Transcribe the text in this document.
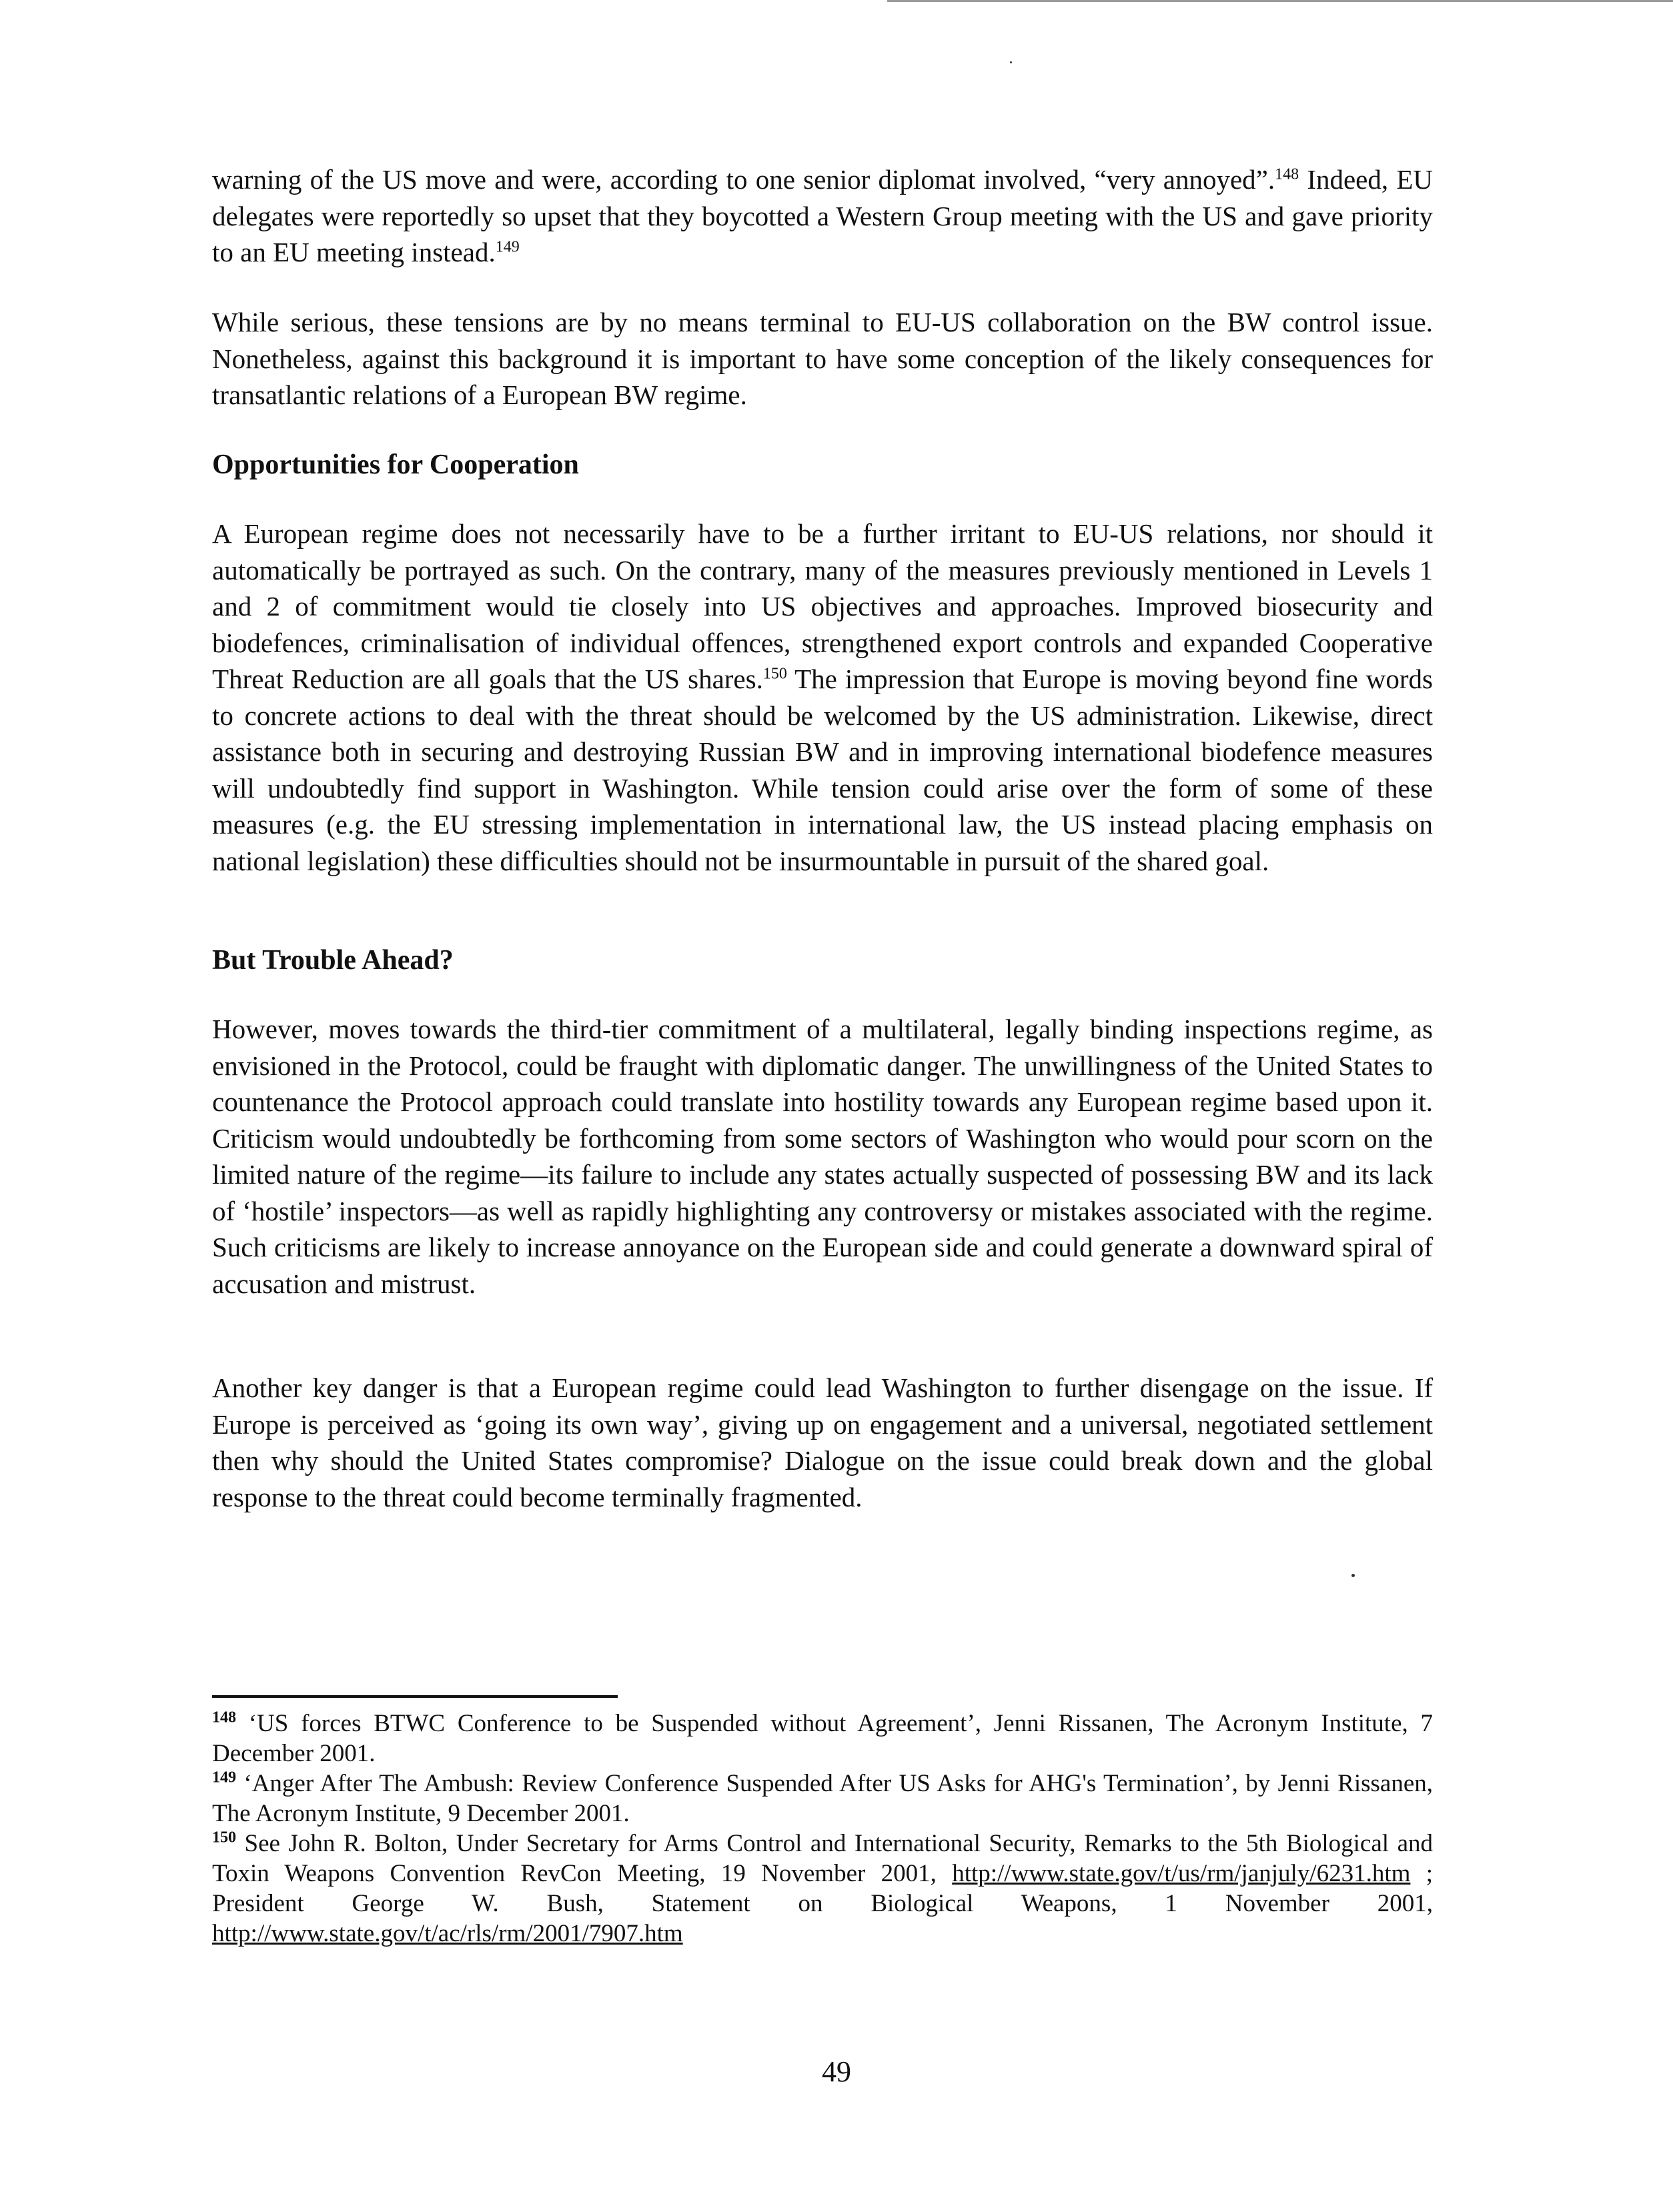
warning of the US move and were, according to one senior diplomat involved, “very annoyed”.$^{148}$ Indeed, EU delegates were reportedly so upset that they boycotted a Western Group meeting with the US and gave priority to an EU meeting instead.$^{149}$

While serious, these tensions are by no means terminal to EU-US collaboration on the BW control issue. Nonetheless, against this background it is important to have some conception of the likely consequences for transatlantic relations of a European BW regime.

Opportunities for Cooperation

A European regime does not necessarily have to be a further irritant to EU-US relations, nor should it automatically be portrayed as such. On the contrary, many of the measures previously mentioned in Levels 1 and 2 of commitment would tie closely into US objectives and approaches. Improved biosecurity and biodefences, criminalisation of individual offences, strengthened export controls and expanded Cooperative Threat Reduction are all goals that the US shares.$^{150}$ The impression that Europe is moving beyond fine words to concrete actions to deal with the threat should be welcomed by the US administration. Likewise, direct assistance both in securing and destroying Russian BW and in improving international biodefence measures will undoubtedly find support in Washington. While tension could arise over the form of some of these measures (e.g. the EU stressing implementation in international law, the US instead placing emphasis on national legislation) these difficulties should not be insurmountable in pursuit of the shared goal.

But Trouble Ahead?

However, moves towards the third-tier commitment of a multilateral, legally binding inspections regime, as envisioned in the Protocol, could be fraught with diplomatic danger. The unwillingness of the United States to countenance the Protocol approach could translate into hostility towards any European regime based upon it. Criticism would undoubtedly be forthcoming from some sectors of Washington who would pour scorn on the limited nature of the regime—its failure to include any states actually suspected of possessing BW and its lack of ‘hostile’ inspectors—as well as rapidly highlighting any controversy or mistakes associated with the regime. Such criticisms are likely to increase annoyance on the European side and could generate a downward spiral of accusation and mistrust.

Another key danger is that a European regime could lead Washington to further disengage on the issue. If Europe is perceived as ‘going its own way’, giving up on engagement and a universal, negotiated settlement then why should the United States compromise? Dialogue on the issue could break down and the global response to the threat could become terminally fragmented.

$^{148}$ ‘US forces BTWC Conference to be Suspended without Agreement’, Jenni Rissanen, The Acronym Institute, 7 December 2001.

$^{149}$ ‘Anger After The Ambush: Review Conference Suspended After US Asks for AHG's Termination’, by Jenni Rissanen, The Acronym Institute, 9 December 2001.

$^{150}$ See John R. Bolton, Under Secretary for Arms Control and International Security, Remarks to the 5th Biological and Toxin Weapons Convention RevCon Meeting, 19 November 2001, http://www.state.gov/t/us/rm/janjuly/6231.htm ; President George W. Bush, Statement on Biological Weapons, 1 November 2001, http://www.state.gov/t/ac/rls/rm/2001/7907.htm

49
